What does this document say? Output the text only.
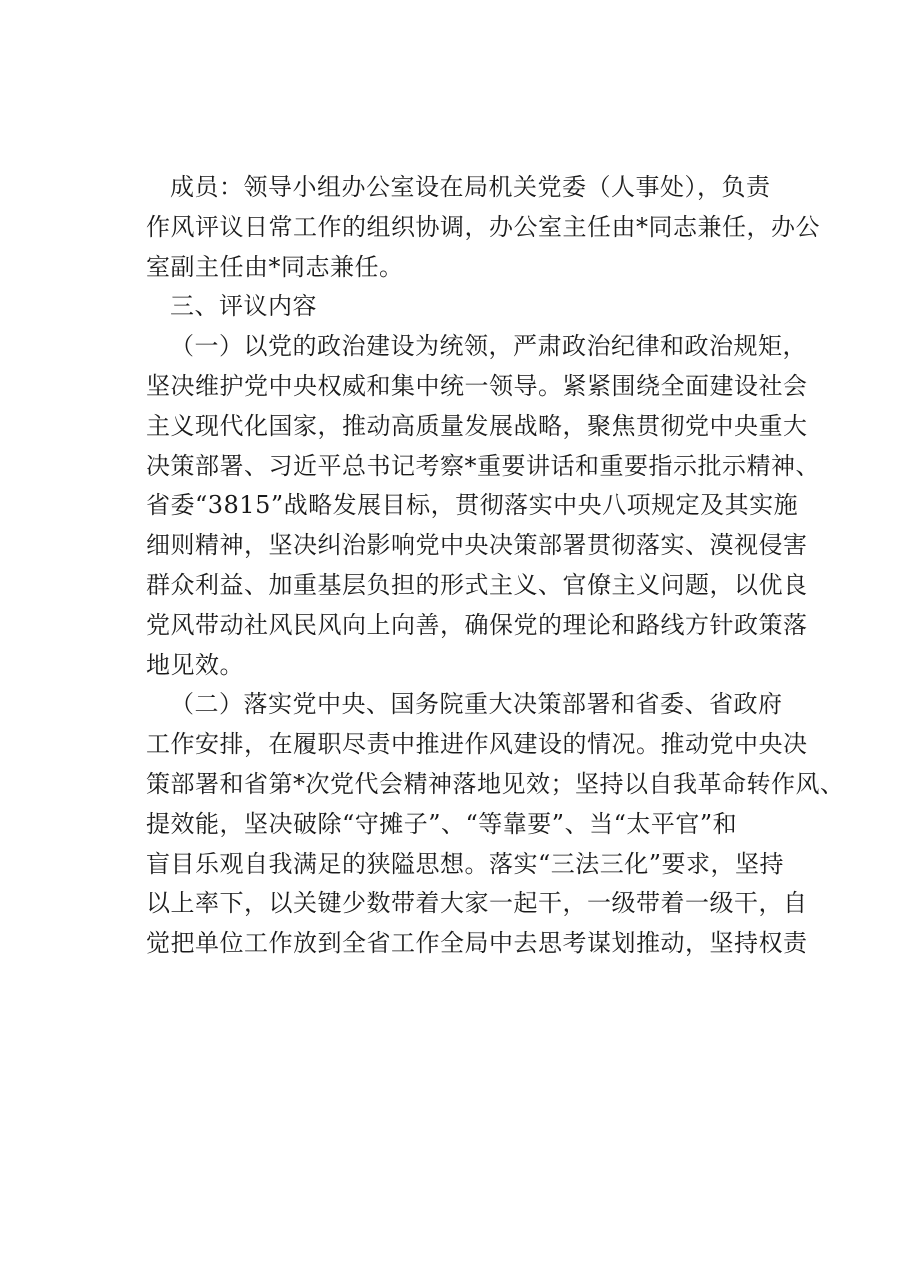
成员：领导小组办公室设在局机关党委（人事处），负责
作风评议日常工作的组织协调，办公室主任由*同志兼任，办公
室副主任由*同志兼任。
三、评议内容
（一）以党的政治建设为统领，严肃政治纪律和政治规矩，
坚决维护党中央权威和集中统一领导。紧紧围绕全面建设社会
主义现代化国家，推动高质量发展战略，聚焦贯彻党中央重大
决策部署、习近平总书记考察*重要讲话和重要指示批示精神、
省委“3815”战略发展目标，贯彻落实中央八项规定及其实施
细则精神，坚决纠治影响党中央决策部署贯彻落实、漠视侵害
群众利益、加重基层负担的形式主义、官僚主义问题，以优良
党风带动社风民风向上向善，确保党的理论和路线方针政策落
地见效。
（二）落实党中央、国务院重大决策部署和省委、省政府
工作安排，在履职尽责中推进作风建设的情况。推动党中央决
策部署和省第*次党代会精神落地见效；坚持以自我革命转作风、
提效能，坚决破除“守摊子”、“等靠要”、当“太平官”和
盲目乐观自我满足的狭隘思想。落实“三法三化”要求，坚持
以上率下，以关键少数带着大家一起干，一级带着一级干，自
觉把单位工作放到全省工作全局中去思考谋划推动，坚持权责
